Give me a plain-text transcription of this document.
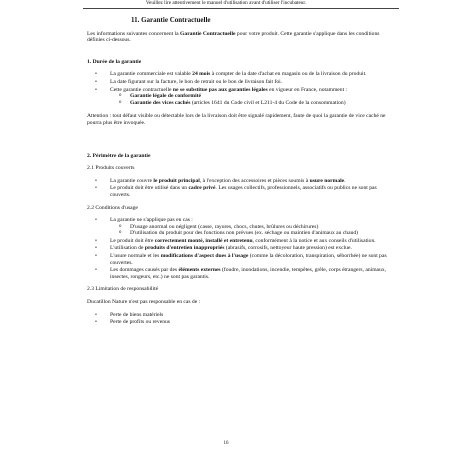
Veuillez lire attentivement le manuel d'utilisation avant d'utiliser l'incubateur.

11. Garantie Contractuelle

Les informations suivantes concernent la Garantie Contractuelle pour votre produit. Cette garantie s'applique dans les conditions définies ci-dessous.

1. Durée de la garantie

• La garantie commerciale est valable 24 mois à compter de la date d'achat en magasin ou de la livraison du produit.
• La date figurant sur la facture, le bon de retrait ou le bon de livraison fait foi.
• Cette garantie contractuelle ne se substitue pas aux garanties légales en vigueur en France, notamment :
o Garantie légale de conformité
o Garantie des vices cachés (articles 1641 du Code civil et L211-4 du Code de la consommation)

Attention : tout défaut visible ou détectable lors de la livraison doit être signalé rapidement, faute de quoi la garantie de vice caché ne pourra plus être invoquée.

2. Périmètre de la garantie

2.1 Produits couverts

• La garantie couvre le produit principal, à l'exception des accessoires et pièces soumis à usure normale.
• Le produit doit être utilisé dans un cadre privé. Les usages collectifs, professionnels, associatifs ou publics ne sont pas couverts.

2.2 Conditions d'usage

• La garantie ne s'applique pas en cas :
o D'usage anormal ou négligent (casse, rayures, chocs, chutes, brûlures ou déchirures)
o D'utilisation du produit pour des fonctions non prévues (ex. séchage ou maintien d'animaux au chaud)
• Le produit doit être correctement monté, installé et entretenu, conformément à la notice et aux conseils d'utilisation.
• L'utilisation de produits d'entretien inappropriés (abrasifs, corrosifs, nettoyeur haute pression) est exclue.
• L'usure normale et les modifications d'aspect dues à l'usage (comme la décoloration, transpiration, séborrhée) ne sont pas couvertes.
• Les dommages causés par des éléments externes (foudre, inondations, incendie, tempêtes, grêle, corps étrangers, animaux, insectes, rongeurs, etc.) ne sont pas garantis.

2.3 Limitation de responsabilité

Ducatillon Nature n'est pas responsable en cas de :

• Perte de biens matériels
• Perte de profits ou revenus
16
